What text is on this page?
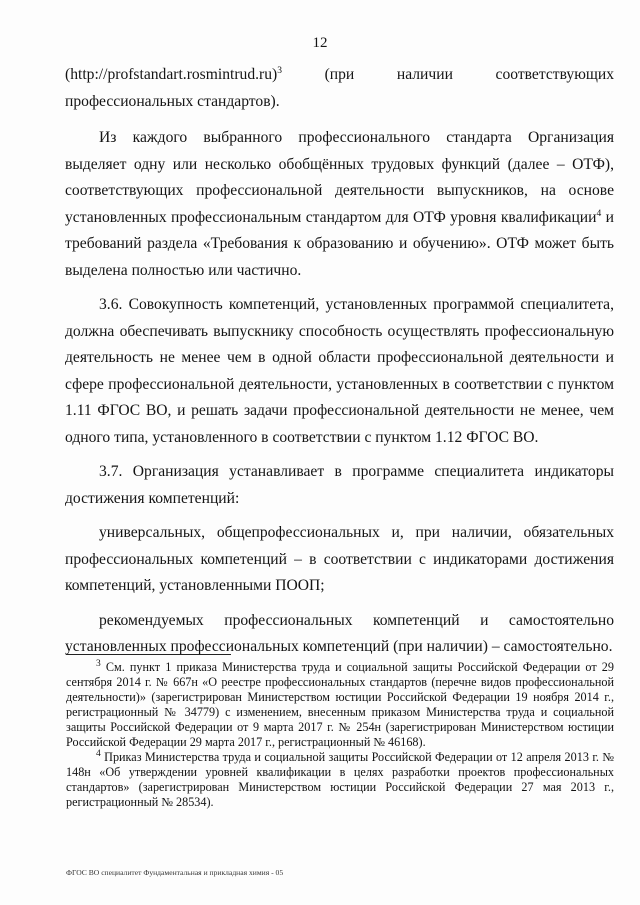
12

(http://profstandart.rosmintrud.ru)$^3$ (при наличии соответствующих профессиональных стандартов).

Из каждого выбранного профессионального стандарта Организация выделяет одну или несколько обобщённых трудовых функций (далее – ОТФ), соответствующих профессиональной деятельности выпускников, на основе установленных профессиональным стандартом для ОТФ уровня квалификации$^4$ и требований раздела «Требования к образованию и обучению». ОТФ может быть выделена полностью или частично.

3.6. Совокупность компетенций, установленных программой специалитета, должна обеспечивать выпускнику способность осуществлять профессиональную деятельность не менее чем в одной области профессиональной деятельности и сфере профессиональной деятельности, установленных в соответствии с пунктом 1.11 ФГОС ВО, и решать задачи профессиональной деятельности не менее, чем одного типа, установленного в соответствии с пунктом 1.12 ФГОС ВО.

3.7. Организация устанавливает в программе специалитета индикаторы достижения компетенций:

универсальных, общепрофессиональных и, при наличии, обязательных профессиональных компетенций – в соответствии с индикаторами достижения компетенций, установленными ПООП;

рекомендуемых профессиональных компетенций и самостоятельно установленных профессиональных компетенций (при наличии) – самостоятельно.

$^3$ См. пункт 1 приказа Министерства труда и социальной защиты Российской Федерации от 29 сентября 2014 г. № 667н «О реестре профессиональных стандартов (перечне видов профессиональной деятельности)» (зарегистрирован Министерством юстиции Российской Федерации 19 ноября 2014 г., регистрационный № 34779) с изменением, внесенным приказом Министерства труда и социальной защиты Российской Федерации от 9 марта 2017 г. № 254н (зарегистрирован Министерством юстиции Российской Федерации 29 марта 2017 г., регистрационный № 46168).

$^4$ Приказ Министерства труда и социальной защиты Российской Федерации от 12 апреля 2013 г. № 148н «Об утверждении уровней квалификации в целях разработки проектов профессиональных стандартов» (зарегистрирован Министерством юстиции Российской Федерации 27 мая 2013 г., регистрационный № 28534).

ФГОС ВО специалитет Фундаментальная и прикладная химия - 05
